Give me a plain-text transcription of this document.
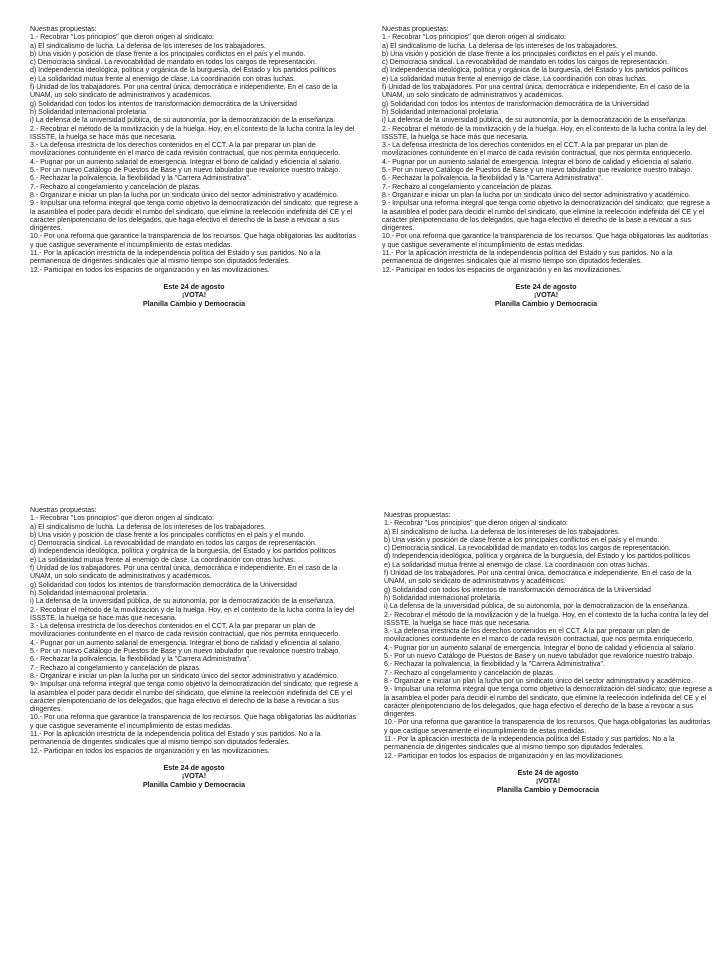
Nuestras propuestas:

1.- Recobrar "Los principios" que dieron origen al sindicato:

a) El sindicalismo de lucha. La defensa de los intereses de los trabajadores.

b) Una visión y posición de clase frente a los principales conflictos en el país y el mundo.

c) Democracia sindical. La revocabilidad de mandato en todos los cargos de representación.

d) Independencia ideológica, política y orgánica de la burguesía, del Estado y los partidos políticos

e) La solidaridad mutua frente al enemigo de clase. La coordinación con otras luchas.

f) Unidad de los trabajadores. Por una central única, democrática e independiente. En el caso de la UNAM, un solo sindicato de administrativos y académicos.

g) Solidaridad con todos los intentos de transformación democrática de la Universidad

h) Solidaridad internacional proletaria.

i) La defensa de la universidad pública, de su autonomía, por la democratización de la enseñanza.

2.- Recobrar el método de la movilización y de la huelga. Hoy, en el contexto de la lucha contra la ley del ISSSTE, la huelga se hace más que necesaria.

3.- La defensa irrestricta de los derechos contenidos en el CCT. A la par preparar un plan de movilizaciones contundente en el marco de cada revisión contractual, que nos permita enriquecerlo.

4.- Pugnar por un aumento salarial de emergencia. Integrar el bono de calidad y eficiencia al salario.

5.- Por un nuevo Catálogo de Puestos de Base y un nuevo tabulador que revalorice nuestro trabajo.

6.- Rechazar la polivalencia, la flexibilidad y la "Carrera Administrativa".

7.- Rechazo al congelamiento y cancelación de plazas.

8.- Organizar e iniciar un plan la lucha por un sindicato único del sector administrativo y académico.

9.- Impulsar una reforma integral que tenga como objetivo la democratización del sindicato; que regrese a la asamblea el poder para decidir el rumbo del sindicato, que elimine la reelección indefinida del CE y el carácter plenipotenciario de los delegados, que haga efectivo el derecho de la base a revocar a sus dirigentes.

10.- Por una reforma que garantice la transparencia de los recursos. Que haga obligatorias las auditorías y que castigue severamente el incumplimiento de estas medidas.

11.- Por la aplicación irrestricta de la independencia política del Estado y sus partidos. No a la permanencia de dirigentes sindicales que al mismo tiempo son diputados federales.

12.- Participar en todos los espacios de organización y en las movilizaciones.

Este 24 de agosto
¡VOTA!
Planilla Cambio y Democracia

Nuestras propuestas:

1.- Recobrar "Los principios" que dieron origen al sindicato:

a) El sindicalismo de lucha. La defensa de los intereses de los trabajadores.

b) Una visión y posición de clase frente a los principales conflictos en el país y el mundo.

c) Democracia sindical. La revocabilidad de mandato en todos los cargos de representación.

d) Independencia ideológica, política y orgánica de la burguesía, del Estado y los partidos políticos

e) La solidaridad mutua frente al enemigo de clase. La coordinación con otras luchas.

f) Unidad de los trabajadores. Por una central única, democrática e independiente. En el caso de la UNAM, un solo sindicato de administrativos y académicos.

g) Solidaridad con todos los intentos de transformación democrática de la Universidad

h) Solidaridad internacional proletaria.

i) La defensa de la universidad pública, de su autonomía, por la democratización de la enseñanza.

2.- Recobrar el método de la movilización y de la huelga. Hoy, en el contexto de la lucha contra la ley del ISSSTE, la huelga se hace más que necesaria.

3.- La defensa irrestricta de los derechos contenidos en el CCT. A la par preparar un plan de movilizaciones contundente en el marco de cada revisión contractual, que nos permita enriquecerlo.

4.- Pugnar por un aumento salarial de emergencia. Integrar el bono de calidad y eficiencia al salario.

5.- Por un nuevo Catálogo de Puestos de Base y un nuevo tabulador que revalorice nuestro trabajo.

6.- Rechazar la polivalencia, la flexibilidad y la "Carrera Administrativa".

7.- Rechazo al congelamiento y cancelación de plazas.

8.- Organizar e iniciar un plan la lucha por un sindicato único del sector administrativo y académico.

9.- Impulsar una reforma integral que tenga como objetivo la democratización del sindicato; que regrese a la asamblea el poder para decidir el rumbo del sindicato, que elimine la reelección indefinida del CE y el carácter plenipotenciario de los delegados, que haga efectivo el derecho de la base a revocar a sus dirigentes.

10.- Por una reforma que garantice la transparencia de los recursos. Que haga obligatorias las auditorías y que castigue severamente el incumplimiento de estas medidas.

11.- Por la aplicación irrestricta de la independencia política del Estado y sus partidos. No a la permanencia de dirigentes sindicales que al mismo tiempo son diputados federales.

12.- Participar en todos los espacios de organización y en las movilizaciones.

Este 24 de agosto
¡VOTA!
Planilla Cambio y Democracia

Nuestras propuestas:

1.- Recobrar "Los principios" que dieron origen al sindicato:

a) El sindicalismo de lucha. La defensa de los intereses de los trabajadores.

b) Una visión y posición de clase frente a los principales conflictos en el país y el mundo.

c) Democracia sindical. La revocabilidad de mandato en todos los cargos de representación.

d) Independencia ideológica, política y orgánica de la burguesía, del Estado y los partidos políticos

e) La solidaridad mutua frente al enemigo de clase. La coordinación con otras luchas.

f) Unidad de los trabajadores. Por una central única, democrática e independiente. En el caso de la UNAM, un solo sindicato de administrativos y académicos.

g) Solidaridad con todos los intentos de transformación democrática de la Universidad

h) Solidaridad internacional proletaria.

i) La defensa de la universidad pública, de su autonomía, por la democratización de la enseñanza.

2.- Recobrar el método de la movilización y de la huelga. Hoy, en el contexto de la lucha contra la ley del ISSSTE, la huelga se hace más que necesaria.

3.- La defensa irrestricta de los derechos contenidos en el CCT. A la par preparar un plan de movilizaciones contundente en el marco de cada revisión contractual, que nos permita enriquecerlo.

4.- Pugnar por un aumento salarial de emergencia. Integrar el bono de calidad y eficiencia al salario.

5.- Por un nuevo Catálogo de Puestos de Base y un nuevo tabulador que revalorice nuestro trabajo.

6.- Rechazar la polivalencia, la flexibilidad y la "Carrera Administrativa".

7.- Rechazo al congelamiento y cancelación de plazas.

8.- Organizar e iniciar un plan la lucha por un sindicato único del sector administrativo y académico.

9.- Impulsar una reforma integral que tenga como objetivo la democratización del sindicato; que regrese a la asamblea el poder para decidir el rumbo del sindicato, que elimine la reelección indefinida del CE y el carácter plenipotenciario de los delegados, que haga efectivo el derecho de la base a revocar a sus dirigentes.

10.- Por una reforma que garantice la transparencia de los recursos. Que haga obligatorias las auditorías y que castigue severamente el incumplimiento de estas medidas.

11.- Por la aplicación irrestricta de la independencia política del Estado y sus partidos. No a la permanencia de dirigentes sindicales que al mismo tiempo son diputados federales.

12.- Participar en todos los espacios de organización y en las movilizaciones.

Este 24 de agosto
¡VOTA!
Planilla Cambio y Democracia

Nuestras propuestas:

1.- Recobrar "Los principios" que dieron origen al sindicato:

a) El sindicalismo de lucha. La defensa de los intereses de los trabajadores.

b) Una visión y posición de clase frente a los principales conflictos en el país y el mundo.

c) Democracia sindical. La revocabilidad de mandato en todos los cargos de representación.

d) Independencia ideológica, política y orgánica de la burguesía, del Estado y los partidos políticos

e) La solidaridad mutua frente al enemigo de clase. La coordinación con otras luchas.

f) Unidad de los trabajadores. Por una central única, democrática e independiente. En el caso de la UNAM, un solo sindicato de administrativos y académicos.

g) Solidaridad con todos los intentos de transformación democrática de la Universidad

h) Solidaridad internacional proletaria.

i) La defensa de la universidad pública, de su autonomía, por la democratización de la enseñanza.

2.- Recobrar el método de la movilización y de la huelga. Hoy, en el contexto de la lucha contra la ley del ISSSTE, la huelga se hace más que necesaria.

3.- La defensa irrestricta de los derechos contenidos en el CCT. A la par preparar un plan de movilizaciones contundente en el marco de cada revisión contractual, que nos permita enriquecerlo.

4.- Pugnar por un aumento salarial de emergencia. Integrar el bono de calidad y eficiencia al salario.

5.- Por un nuevo Catálogo de Puestos de Base y un nuevo tabulador que revalorice nuestro trabajo.

6.- Rechazar la polivalencia, la flexibilidad y la "Carrera Administrativa".

7.- Rechazo al congelamiento y cancelación de plazas.

8.- Organizar e iniciar un plan la lucha por un sindicato único del sector administrativo y académico.

9.- Impulsar una reforma integral que tenga como objetivo la democratización del sindicato; que regrese a la asamblea el poder para decidir el rumbo del sindicato, que elimine la reelección indefinida del CE y el carácter plenipotenciario de los delegados, que haga efectivo el derecho de la base a revocar a sus dirigentes.

10.- Por una reforma que garantice la transparencia de los recursos. Que haga obligatorias las auditorías y que castigue severamente el incumplimiento de estas medidas.

11.- Por la aplicación irrestricta de la independencia política del Estado y sus partidos. No a la permanencia de dirigentes sindicales que al mismo tiempo son diputados federales.

12.- Participar en todos los espacios de organización y en las movilizaciones.

Este 24 de agosto
¡VOTA!
Planilla Cambio y Democracia
